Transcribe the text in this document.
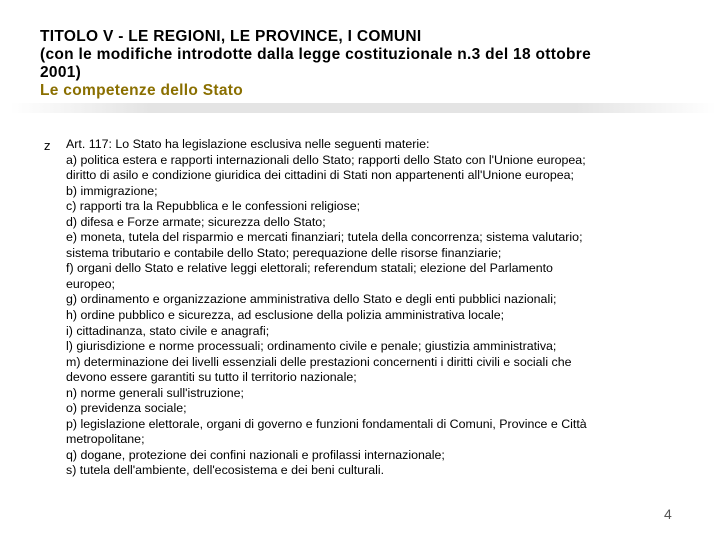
TITOLO V - LE REGIONI, LE PROVINCE, I COMUNI
(con le modifiche introdotte dalla legge costituzionale n.3 del 18 ottobre
2001)
Le competenze dello Stato
z Art. 117: Lo Stato ha legislazione esclusiva nelle seguenti materie:
a) politica estera e rapporti internazionali dello Stato; rapporti dello Stato con l'Unione europea;
diritto di asilo e condizione giuridica dei cittadini di Stati non appartenenti all'Unione europea;
b) immigrazione;
c) rapporti tra la Repubblica e le confessioni religiose;
d) difesa e Forze armate; sicurezza dello Stato;
e) moneta, tutela del risparmio e mercati finanziari; tutela della concorrenza; sistema valutario;
sistema tributario e contabile dello Stato; perequazione delle risorse finanziarie;
f) organi dello Stato e relative leggi elettorali; referendum statali; elezione del Parlamento
europeo;
g) ordinamento e organizzazione amministrativa dello Stato e degli enti pubblici nazionali;
h) ordine pubblico e sicurezza, ad esclusione della polizia amministrativa locale;
i) cittadinanza, stato civile e anagrafi;
l) giurisdizione e norme processuali; ordinamento civile e penale; giustizia amministrativa;
m) determinazione dei livelli essenziali delle prestazioni concernenti i diritti civili e sociali che
devono essere garantiti su tutto il territorio nazionale;
n) norme generali sull'istruzione;
o) previdenza sociale;
p) legislazione elettorale, organi di governo e funzioni fondamentali di Comuni, Province e Città
metropolitane;
q) dogane, protezione dei confini nazionali e profilassi internazionale;
s) tutela dell'ambiente, dell'ecosistema e dei beni culturali.
4
